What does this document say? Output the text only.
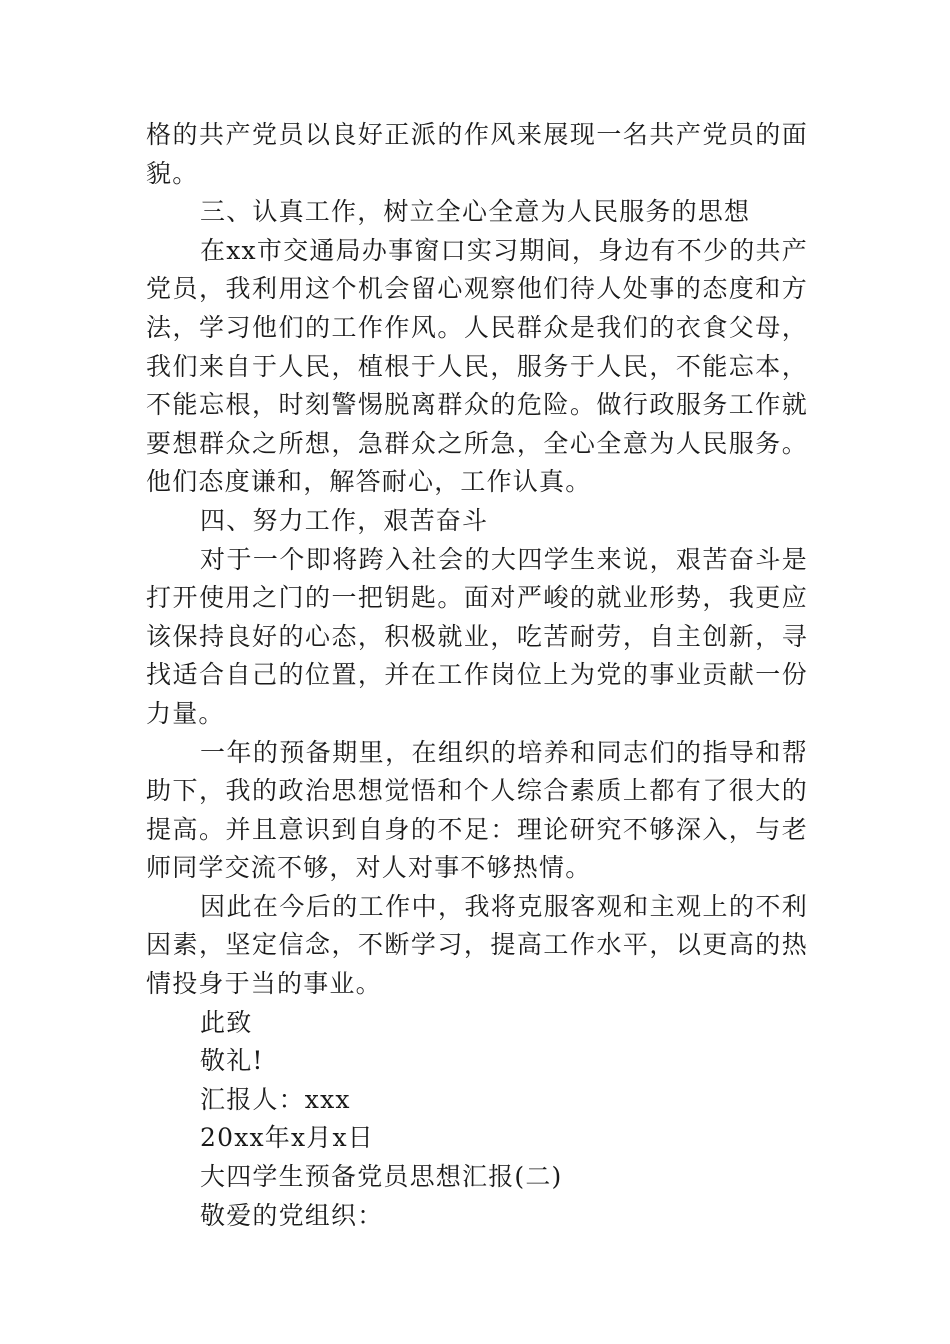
格的共产党员以良好正派的作风来展现一名共产党员的面貌。

三、认真工作，树立全心全意为人民服务的思想

在xx市交通局办事窗口实习期间，身边有不少的共产党员，我利用这个机会留心观察他们待人处事的态度和方法，学习他们的工作作风。人民群众是我们的衣食父母，我们来自于人民，植根于人民，服务于人民，不能忘本，不能忘根，时刻警惕脱离群众的危险。做行政服务工作就要想群众之所想，急群众之所急，全心全意为人民服务。他们态度谦和，解答耐心，工作认真。

四、努力工作，艰苦奋斗

对于一个即将跨入社会的大四学生来说，艰苦奋斗是打开使用之门的一把钥匙。面对严峻的就业形势，我更应该保持良好的心态，积极就业，吃苦耐劳，自主创新，寻找适合自己的位置，并在工作岗位上为党的事业贡献一份力量。

一年的预备期里，在组织的培养和同志们的指导和帮助下，我的政治思想觉悟和个人综合素质上都有了很大的提高。并且意识到自身的不足：理论研究不够深入，与老师同学交流不够，对人对事不够热情。

因此在今后的工作中，我将克服客观和主观上的不利因素，坚定信念，不断学习，提高工作水平，以更高的热情投身于当的事业。

此致

敬礼!

汇报人：xxx

20xx年x月x日

大四学生预备党员思想汇报(二)

敬爱的党组织：
